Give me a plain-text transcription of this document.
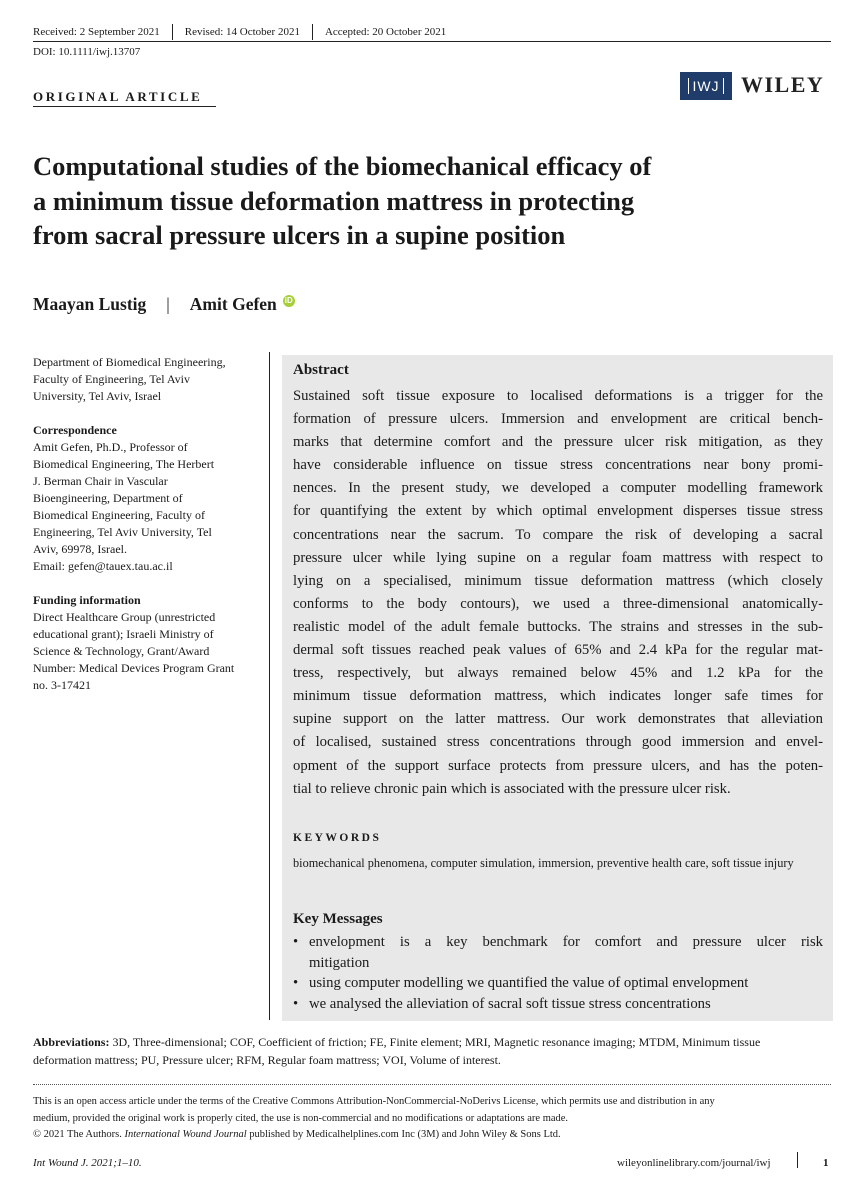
Received: 2 September 2021 Revised: 14 October 2021 Accepted: 20 October 2021
DOI: 10.1111/iwj.13707
ORIGINAL ARTICLE
IWJ WILEY
Computational studies of the biomechanical efficacy of
a minimum tissue deformation mattress in protecting
from sacral pressure ulcers in a supine position
Maayan Lustig | Amit Gefen iD
Department of Biomedical Engineering,
Faculty of Engineering, Tel Aviv
University, Tel Aviv, Israel
Correspondence
Amit Gefen, Ph.D., Professor of
Biomedical Engineering, The Herbert
J. Berman Chair in Vascular
Bioengineering, Department of
Biomedical Engineering, Faculty of
Engineering, Tel Aviv University, Tel
Aviv, 69978, Israel.
Email: gefen@tauex.tau.ac.il
Funding information
Direct Healthcare Group (unrestricted
educational grant); Israeli Ministry of
Science & Technology, Grant/Award
Number: Medical Devices Program Grant
no. 3-17421
Abstract
Sustained soft tissue exposure to localised deformations is a trigger for the
formation of pressure ulcers. Immersion and envelopment are critical bench-
marks that determine comfort and the pressure ulcer risk mitigation, as they
have considerable influence on tissue stress concentrations near bony promi-
nences. In the present study, we developed a computer modelling framework
for quantifying the extent by which optimal envelopment disperses tissue stress
concentrations near the sacrum. To compare the risk of developing a sacral
pressure ulcer while lying supine on a regular foam mattress with respect to
lying on a specialised, minimum tissue deformation mattress (which closely
conforms to the body contours), we used a three-dimensional anatomically-
realistic model of the adult female buttocks. The strains and stresses in the sub-
dermal soft tissues reached peak values of 65% and 2.4 kPa for the regular mat-
tress, respectively, but always remained below 45% and 1.2 kPa for the
minimum tissue deformation mattress, which indicates longer safe times for
supine support on the latter mattress. Our work demonstrates that alleviation
of localised, sustained stress concentrations through good immersion and envel-
opment of the support surface protects from pressure ulcers, and has the poten-
tial to relieve chronic pain which is associated with the pressure ulcer risk.
KEYWORDS
biomechanical phenomena, computer simulation, immersion, preventive health care, soft tissue injury
Key Messages
• envelopment is a key benchmark for comfort and pressure ulcer risk
mitigation
• using computer modelling we quantified the value of optimal envelopment
• we analysed the alleviation of sacral soft tissue stress concentrations
Abbreviations: 3D, Three-dimensional; COF, Coefficient of friction; FE, Finite element; MRI, Magnetic resonance imaging; MTDM, Minimum tissue
deformation mattress; PU, Pressure ulcer; RFM, Regular foam mattress; VOI, Volume of interest.
This is an open access article under the terms of the Creative Commons Attribution-NonCommercial-NoDerivs License, which permits use and distribution in any
medium, provided the original work is properly cited, the use is non-commercial and no modifications or adaptations are made.
© 2021 The Authors. International Wound Journal published by Medicalhelplines.com Inc (3M) and John Wiley & Sons Ltd.
Int Wound J. 2021;1–10.	wileyonlinelibrary.com/journal/iwj	1
